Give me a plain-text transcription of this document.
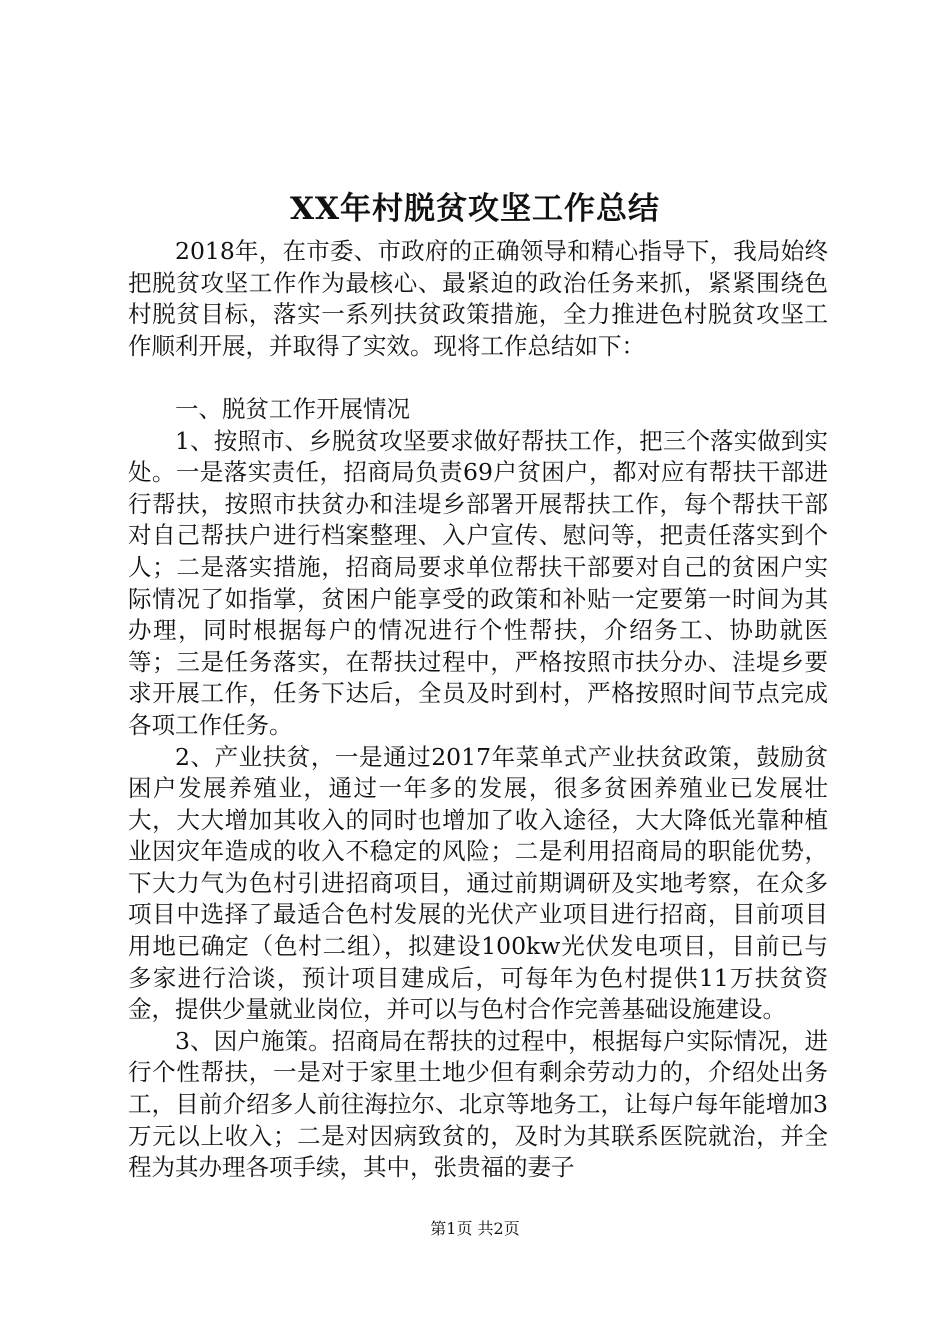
XX年村脱贫攻坚工作总结

2018年，在市委、市政府的正确领导和精心指导下，我局始终把脱贫攻坚工作作为最核心、最紧迫的政治任务来抓，紧紧围绕色村脱贫目标，落实一系列扶贫政策措施，全力推进色村脱贫攻坚工作顺利开展，并取得了实效。现将工作总结如下：

一、脱贫工作开展情况

1、按照市、乡脱贫攻坚要求做好帮扶工作，把三个落实做到实处。一是落实责任，招商局负责69户贫困户，都对应有帮扶干部进行帮扶，按照市扶贫办和洼堤乡部署开展帮扶工作，每个帮扶干部对自己帮扶户进行档案整理、入户宣传、慰问等，把责任落实到个人；二是落实措施，招商局要求单位帮扶干部要对自己的贫困户实际情况了如指掌，贫困户能享受的政策和补贴一定要第一时间为其办理，同时根据每户的情况进行个性帮扶，介绍务工、协助就医等；三是任务落实，在帮扶过程中，严格按照市扶分办、洼堤乡要求开展工作，任务下达后，全员及时到村，严格按照时间节点完成各项工作任务。

2、产业扶贫，一是通过2017年菜单式产业扶贫政策，鼓励贫困户发展养殖业，通过一年多的发展，很多贫困养殖业已发展壮大，大大增加其收入的同时也增加了收入途径，大大降低光靠种植业因灾年造成的收入不稳定的风险；二是利用招商局的职能优势，下大力气为色村引进招商项目，通过前期调研及实地考察，在众多项目中选择了最适合色村发展的光伏产业项目进行招商，目前项目用地已确定（色村二组），拟建设100kw光伏发电项目，目前已与多家进行洽谈，预计项目建成后，可每年为色村提供11万扶贫资金，提供少量就业岗位，并可以与色村合作完善基础设施建设。

3、因户施策。招商局在帮扶的过程中，根据每户实际情况，进行个性帮扶，一是对于家里土地少但有剩余劳动力的，介绍处出务工，目前介绍多人前往海拉尔、北京等地务工，让每户每年能增加3万元以上收入；二是对因病致贫的，及时为其联系医院就治，并全程为其办理各项手续，其中，张贵福的妻子

第1页 共2页
